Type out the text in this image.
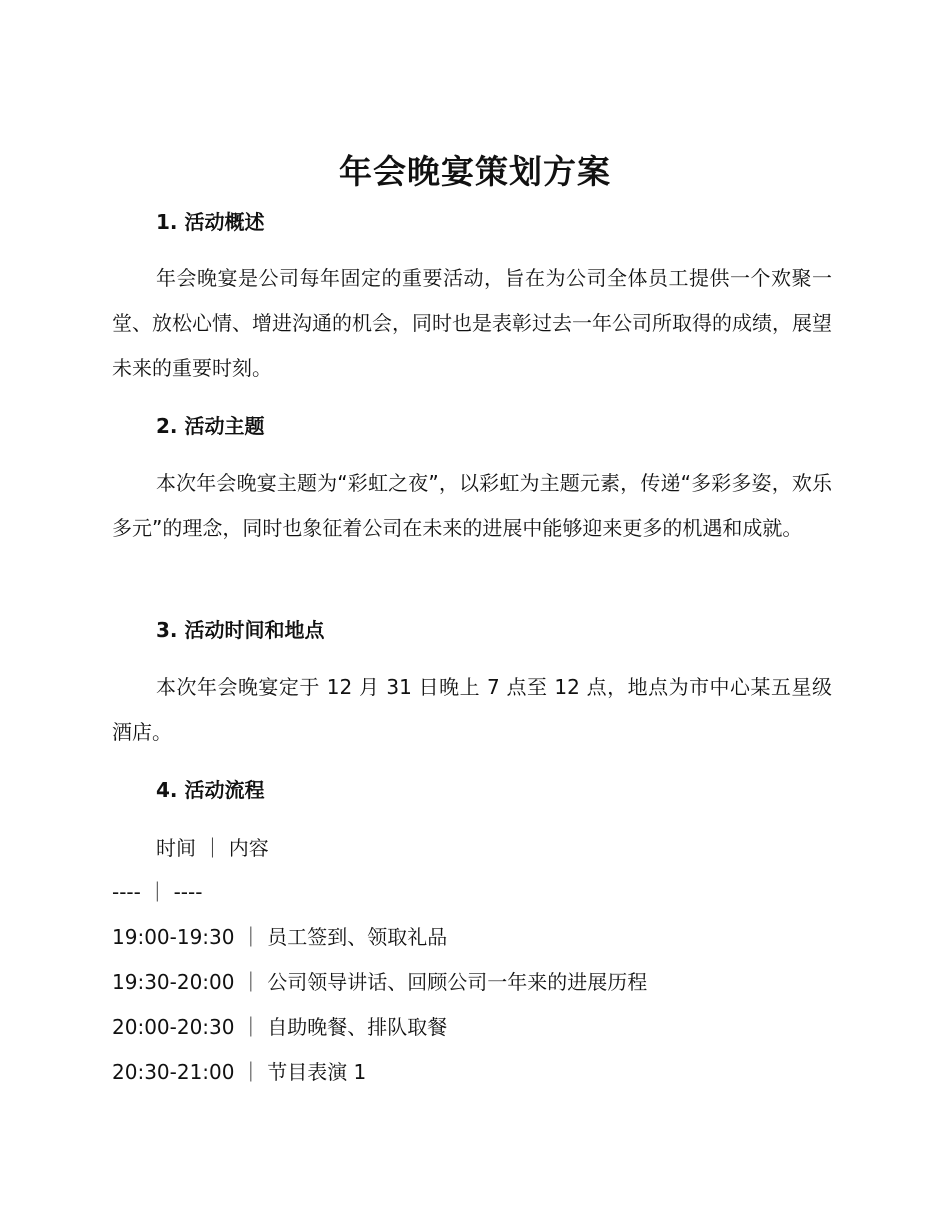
年会晚宴策划方案
1. 活动概述
年会晚宴是公司每年固定的重要活动，旨在为公司全体员工提供一个欢聚一堂、放松心情、增进沟通的机会，同时也是表彰过去一年公司所取得的成绩，展望未来的重要时刻。
2. 活动主题
本次年会晚宴主题为“彩虹之夜”，以彩虹为主题元素，传递“多彩多姿，欢乐多元”的理念，同时也象征着公司在未来的进展中能够迎来更多的机遇和成就。
3. 活动时间和地点
本次年会晚宴定于 12 月 31 日晚上 7 点至 12 点，地点为市中心某五星级酒店。
4. 活动流程
时间 ｜ 内容
---- ｜ ----
19:00-19:30 ｜ 员工签到、领取礼品
19:30-20:00 ｜ 公司领导讲话、回顾公司一年来的进展历程
20:00-20:30 ｜ 自助晚餐、排队取餐
20:30-21:00 ｜ 节目表演 1
